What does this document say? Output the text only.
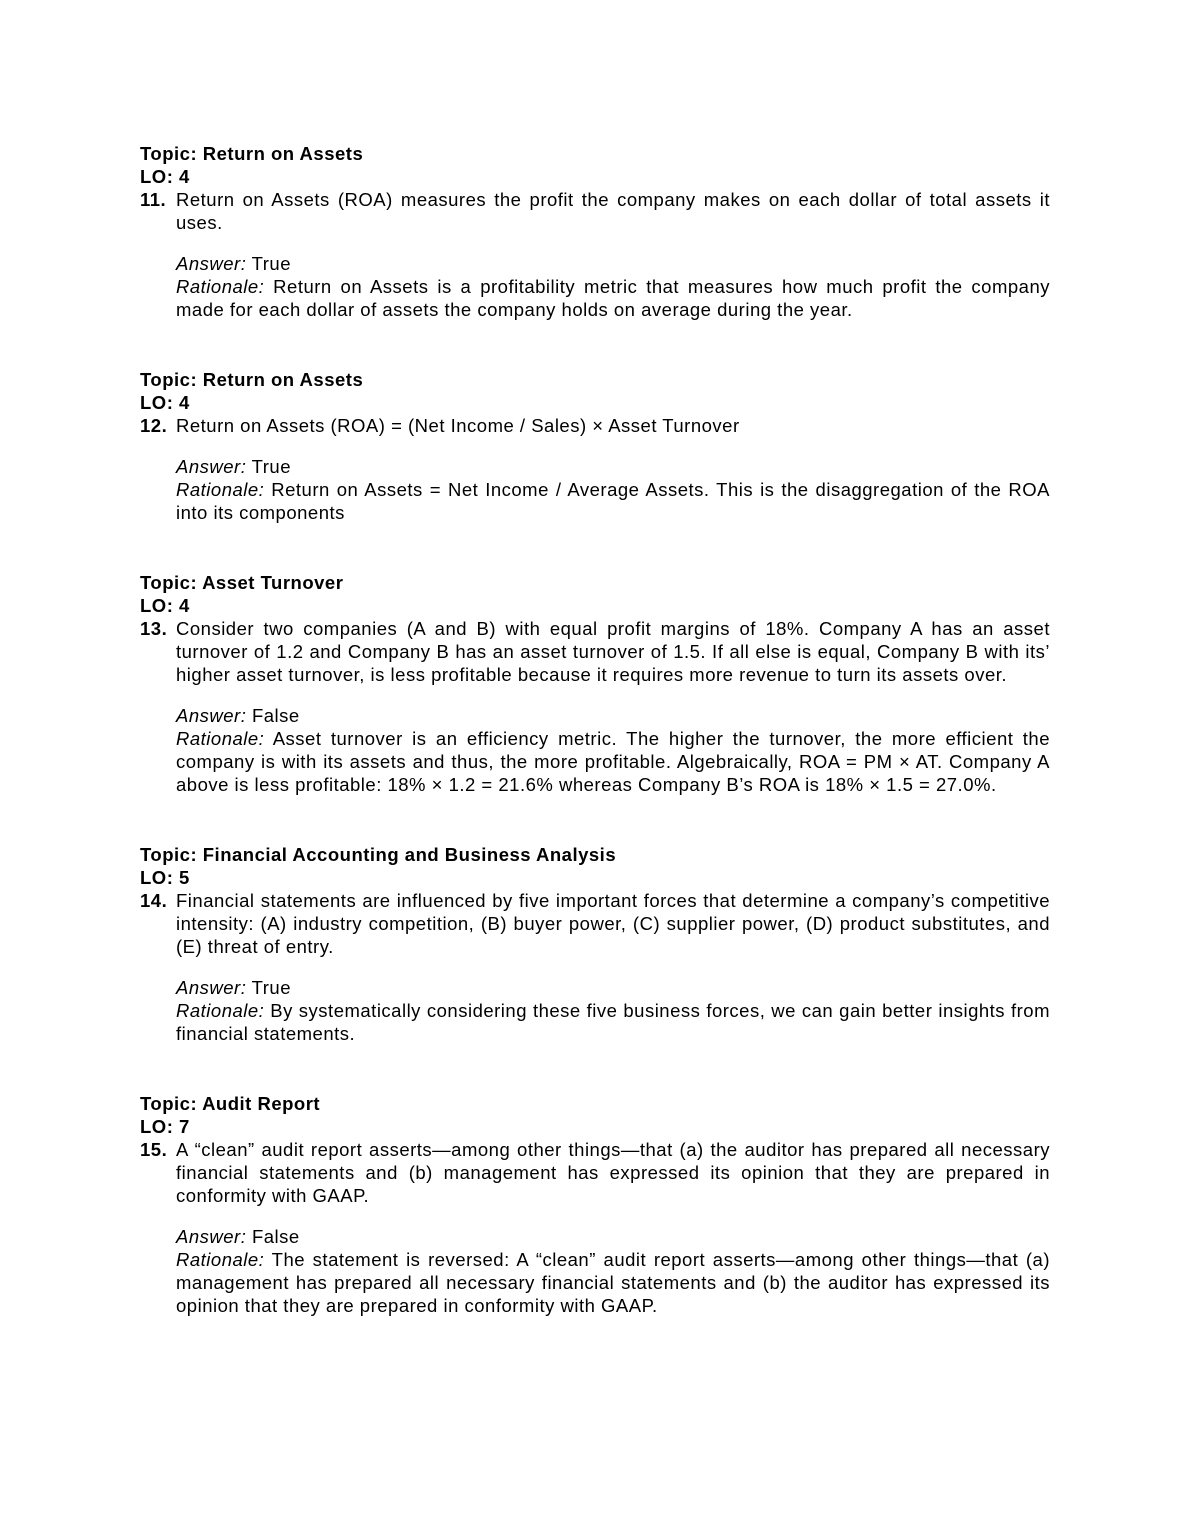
Topic: Return on Assets
LO: 4
11. Return on Assets (ROA) measures the profit the company makes on each dollar of total assets it uses.

Answer: True

Rationale: Return on Assets is a profitability metric that measures how much profit the company made for each dollar of assets the company holds on average during the year.

Topic: Return on Assets
LO: 4
12. Return on Assets (ROA) = (Net Income / Sales) × Asset Turnover

Answer: True

Rationale: Return on Assets = Net Income / Average Assets. This is the disaggregation of the ROA into its components

Topic: Asset Turnover
LO: 4
13. Consider two companies (A and B) with equal profit margins of 18%. Company A has an asset turnover of 1.2 and Company B has an asset turnover of 1.5. If all else is equal, Company B with its’ higher asset turnover, is less profitable because it requires more revenue to turn its assets over.

Answer: False

Rationale: Asset turnover is an efficiency metric. The higher the turnover, the more efficient the company is with its assets and thus, the more profitable. Algebraically, ROA = PM × AT. Company A above is less profitable: 18% × 1.2 = 21.6% whereas Company B’s ROA is 18% × 1.5 = 27.0%.

Topic: Financial Accounting and Business Analysis
LO: 5
14. Financial statements are influenced by five important forces that determine a company’s competitive intensity: (A) industry competition, (B) buyer power, (C) supplier power, (D) product substitutes, and (E) threat of entry.

Answer: True

Rationale: By systematically considering these five business forces, we can gain better insights from financial statements.

Topic: Audit Report
LO: 7
15. A “clean” audit report asserts—among other things—that (a) the auditor has prepared all necessary financial statements and (b) management has expressed its opinion that they are prepared in conformity with GAAP.

Answer: False

Rationale: The statement is reversed: A “clean” audit report asserts—among other things—that (a) management has prepared all necessary financial statements and (b) the auditor has expressed its opinion that they are prepared in conformity with GAAP.
